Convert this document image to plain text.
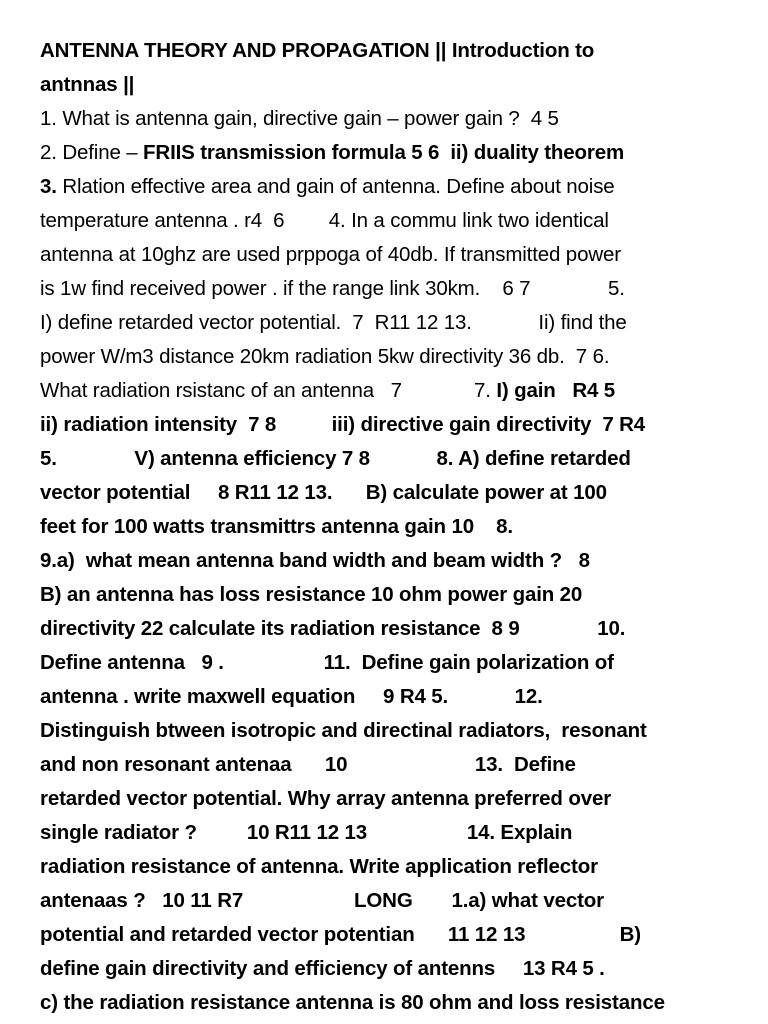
ANTENNA THEORY AND PROPAGATION || Introduction to
antnnas ||
1. What is antenna gain, directive gain – power gain ?  4 5
2. Define – FRIIS transmission formula 5 6  ii) duality theorem
3. Rlation effective area and gain of antenna. Define about noise
temperature antenna . r4  6        4. In a commu link two identical
antenna at 10ghz are used prppoga of 40db. If transmitted power
is 1w find received power . if the range link 30km.    6 7              5.
I) define retarded vector potential.  7  R11 12 13.            Ii) find the
power W/m3 distance 20km radiation 5kw directivity 36 db.  7 6.
What radiation rsistanc of an antenna   7             7. I) gain   R4 5
ii) radiation intensity  7 8          iii) directive gain directivity  7 R4
5.              V) antenna efficiency 7 8            8. A) define retarded
vector potential     8 R11 12 13.      B) calculate power at 100
feet for 100 watts transmittrs antenna gain 10    8.
9.a)  what mean antenna band width and beam width ?   8
B) an antenna has loss resistance 10 ohm power gain 20
directivity 22 calculate its radiation resistance  8 9              10.
Define antenna   9 .                  11.  Define gain polarization of
antenna . write maxwell equation     9 R4 5.            12.
Distinguish btween isotropic and directinal radiators,  resonant
and non resonant antenaa      10                       13.  Define
retarded vector potential. Why array antenna preferred over
single radiator ?         10 R11 12 13                  14. Explain
radiation resistance of antenna. Write application reflector
antenaas ?   10 11 R7                    LONG       1.a) what vector
potential and retarded vector potentian      11 12 13                 B)
define gain directivity and efficiency of antenns     13 R4 5 .
c) the radiation resistance antenna is 80 ohm and loss resistance
